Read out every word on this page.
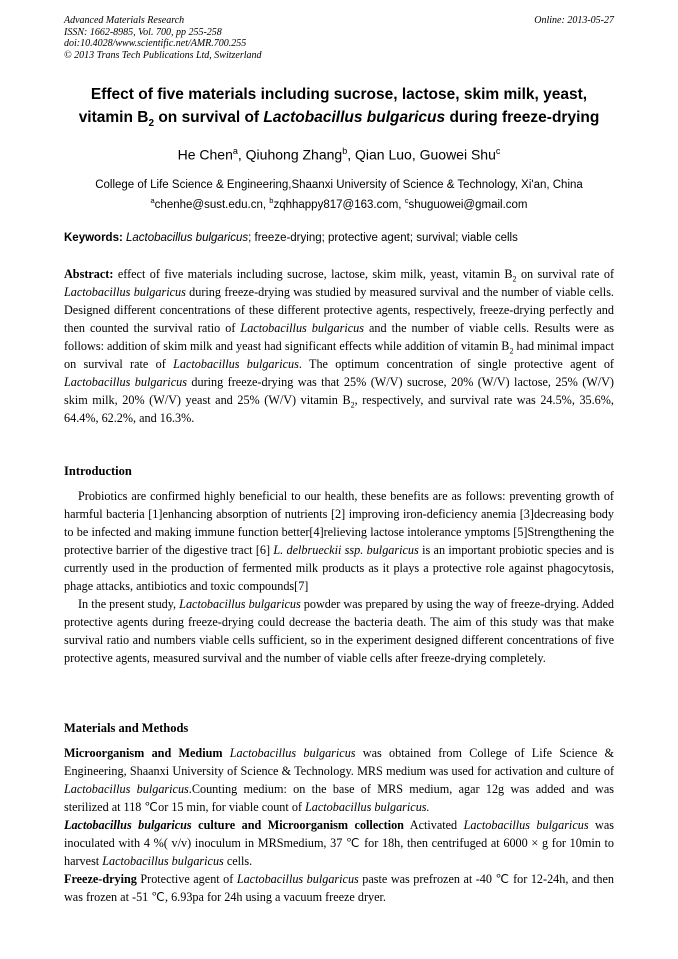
Advanced Materials Research
ISSN: 1662-8985, Vol. 700, pp 255-258
doi:10.4028/www.scientific.net/AMR.700.255
© 2013 Trans Tech Publications Ltd, Switzerland
Online: 2013-05-27
Effect of five materials including sucrose, lactose, skim milk, yeast,
vitamin $B_2$ on survival of Lactobacillus bulgaricus during freeze-drying
He Chen$^a$, Qiuhong Zhang$^b$, Qian Luo, Guowei Shu$^c$
College of Life Science & Engineering,Shaanxi University of Science & Technology, Xi'an, China
$^a$chenhe@sust.edu.cn, $^b$zqhhappy817@163.com, $^c$shuguowei@gmail.com
Keywords: Lactobacillus bulgaricus; freeze-drying; protective agent; survival; viable cells

Abstract: effect of five materials including sucrose, lactose, skim milk, yeast, vitamin $B_2$ on survival rate of Lactobacillus bulgaricus during freeze-drying was studied by measured survival and the number of viable cells. Designed different concentrations of these different protective agents, respectively, freeze-drying perfectly and then counted the survival ratio of Lactobacillus bulgaricus and the number of viable cells. Results were as follows: addition of skim milk and yeast had significant effects while addition of vitamin $B_2$ had minimal impact on survival rate of Lactobacillus bulgaricus. The optimum concentration of single protective agent of Lactobacillus bulgaricus during freeze-drying was that 25% (W/V) sucrose, 20% (W/V) lactose, 25% (W/V) skim milk, 20% (W/V) yeast and 25% (W/V) vitamin $B_2$, respectively, and survival rate was 24.5%, 35.6%, 64.4%, 62.2%, and 16.3%.

Introduction

Probiotics are confirmed highly beneficial to our health, these benefits are as follows: preventing growth of harmful bacteria [1]enhancing absorption of nutrients [2] improving iron-deficiency anemia [3]decreasing body to be infected and making immune function better[4]relieving lactose intolerance ymptoms [5]Strengthening the protective barrier of the digestive tract [6] L. delbrueckii ssp. bulgaricus is an important probiotic species and is currently used in the production of fermented milk products as it plays a protective role against phagocytosis, phage attacks, antibiotics and toxic compounds[7]

In the present study, Lactobacillus bulgaricus powder was prepared by using the way of freeze-drying. Added protective agents during freeze-drying could decrease the bacteria death. The aim of this study was that make survival ratio and numbers viable cells sufficient, so in the experiment designed different concentrations of five protective agents, measured survival and the number of viable cells after freeze-drying completely.

Materials and Methods

Microorganism and Medium Lactobacillus bulgaricus was obtained from College of Life Science & Engineering, Shaanxi University of Science & Technology. MRS medium was used for activation and culture of Lactobacillus bulgaricus.Counting medium: on the base of MRS medium, agar 12g was added and was sterilized at 118 ℃or 15 min, for viable count of Lactobacillus bulgaricus.

Lactobacillus bulgaricus culture and Microorganism collection Activated Lactobacillus bulgaricus was inoculated with 4 %( v/v) inoculum in MRSmedium, 37 ℃ for 18h, then centrifuged at 6000 × g for 10min to harvest Lactobacillus bulgaricus cells.

Freeze-drying Protective agent of Lactobacillus bulgaricus paste was prefrozen at -40 ℃ for 12-24h, and then was frozen at -51 ℃, 6.93pa for 24h using a vacuum freeze dryer.
